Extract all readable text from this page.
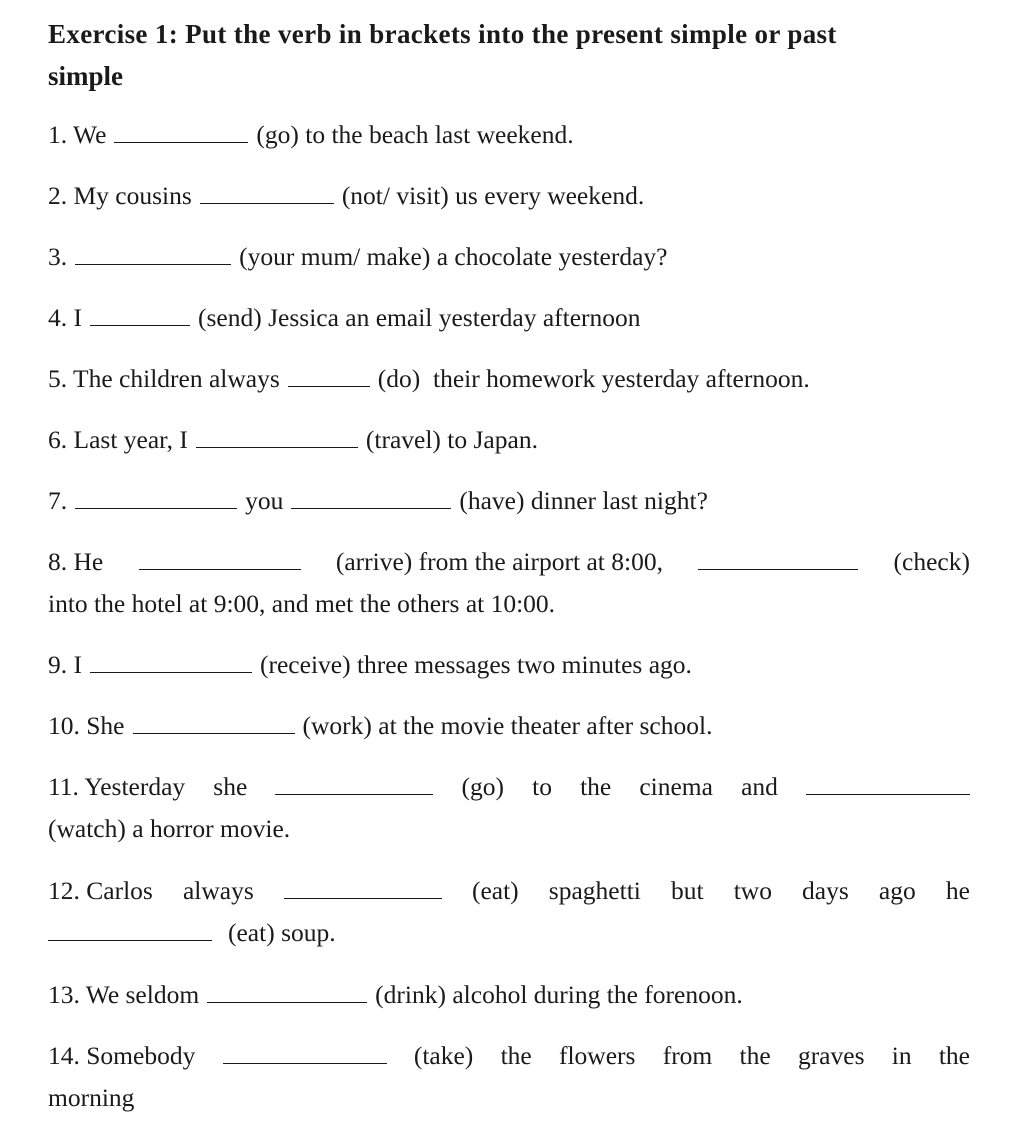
Exercise 1: Put the verb in brackets into the present simple or past
simple
1. We	(go) to the beach last weekend.
2. My cousins	(not/ visit) us every weekend.
3.	(your mum/ make) a chocolate yesterday?
4. I	(send) Jessica an email yesterday afternoon
5. The children always	(do)  their homework yesterday afternoon.
6. Last year, I	(travel) to Japan.
7.	you	(have) dinner last night?
8. He	(arrive) from the airport at 8:00,	(check)
into the hotel at 9:00, and met the others at 10:00.
9. I	(receive) three messages two minutes ago.
10. She	(work) at the movie theater after school.
11. Yesterday she	(go) to the cinema and
(watch) a horror movie.
12. Carlos always	(eat) spaghetti but two days ago he
(eat) soup.
13. We seldom	(drink) alcohol during the forenoon.
14. Somebody	(take) the flowers from the graves in the
morning
